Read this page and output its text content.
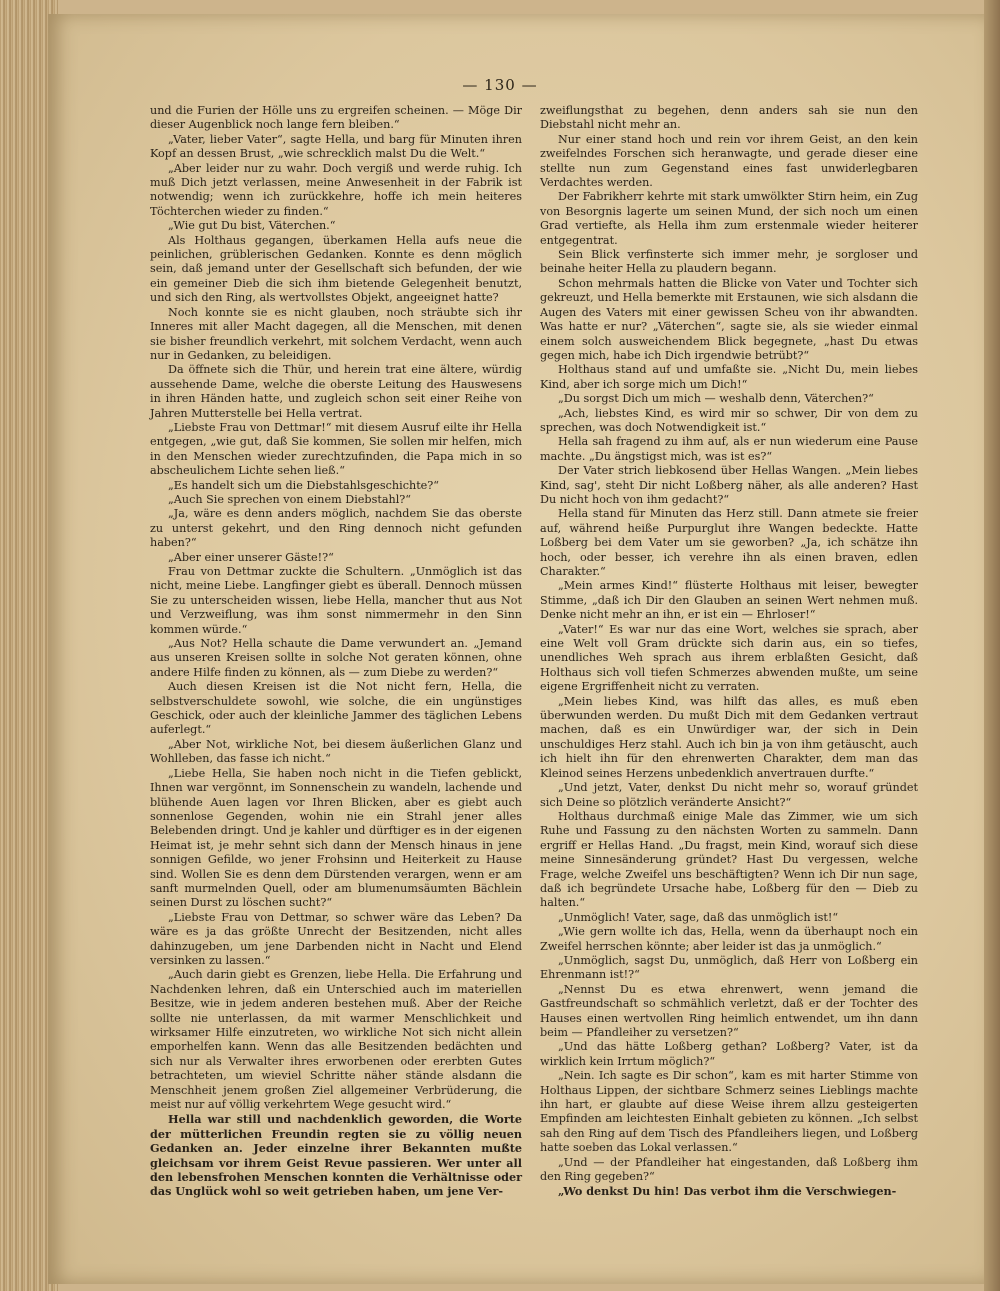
— 130 —

und die Furien der Hölle uns zu ergreifen scheinen. — Möge Dir dieser Augenblick noch lange fern bleiben.“

„Vater, lieber Vater“, sagte Hella, und barg für Minuten ihren Kopf an dessen Brust, „wie schrecklich malst Du die Welt.“

„Aber leider nur zu wahr. Doch vergiß und werde ruhig. Ich muß Dich jetzt verlassen, meine Anwesenheit in der Fabrik ist notwendig; wenn ich zurückkehre, hoffe ich mein heiteres Töchterchen wieder zu finden.“

„Wie gut Du bist, Väterchen.“

Als Holthaus gegangen, überkamen Hella aufs neue die peinlichen, grüblerischen Gedanken. Konnte es denn möglich sein, daß jemand unter der Gesellschaft sich befunden, der wie ein gemeiner Dieb die sich ihm bietende Gelegenheit benutzt, und sich den Ring, als wertvollstes Objekt, angeeignet hatte?

Noch konnte sie es nicht glauben, noch sträubte sich ihr Inneres mit aller Macht dagegen, all die Menschen, mit denen sie bisher freundlich verkehrt, mit solchem Verdacht, wenn auch nur in Gedanken, zu beleidigen.

Da öffnete sich die Thür, und herein trat eine ältere, würdig aussehende Dame, welche die oberste Leitung des Hauswesens in ihren Händen hatte, und zugleich schon seit einer Reihe von Jahren Mutterstelle bei Hella vertrat.

„Liebste Frau von Dettmar!“ mit diesem Ausruf eilte ihr Hella entgegen, „wie gut, daß Sie kommen, Sie sollen mir helfen, mich in den Menschen wieder zurechtzufinden, die Papa mich in so abscheulichem Lichte sehen ließ.“

„Es handelt sich um die Diebstahlsgeschichte?“

„Auch Sie sprechen von einem Diebstahl?“

„Ja, wäre es denn anders möglich, nachdem Sie das oberste zu unterst gekehrt, und den Ring dennoch nicht gefunden haben?“

„Aber einer unserer Gäste!?“

Frau von Dettmar zuckte die Schultern. „Unmöglich ist das nicht, meine Liebe. Langfinger giebt es überall. Dennoch müssen Sie zu unterscheiden wissen, liebe Hella, mancher thut aus Not und Verzweiflung, was ihm sonst nimmermehr in den Sinn kommen würde.“

„Aus Not? Hella schaute die Dame verwundert an. „Jemand aus unseren Kreisen sollte in solche Not geraten können, ohne andere Hilfe finden zu können, als — zum Diebe zu werden?“

Auch diesen Kreisen ist die Not nicht fern, Hella, die selbstverschuldete sowohl, wie solche, die ein ungünstiges Geschick, oder auch der kleinliche Jammer des täglichen Lebens auferlegt.“

„Aber Not, wirkliche Not, bei diesem äußerlichen Glanz und Wohlleben, das fasse ich nicht.“

„Liebe Hella, Sie haben noch nicht in die Tiefen geblickt, Ihnen war vergönnt, im Sonnenschein zu wandeln, lachende und blühende Auen lagen vor Ihren Blicken, aber es giebt auch sonnenlose Gegenden, wohin nie ein Strahl jener alles Belebenden dringt. Und je kahler und dürftiger es in der eigenen Heimat ist, je mehr sehnt sich dann der Mensch hinaus in jene sonnigen Gefilde, wo jener Frohsinn und Heiterkeit zu Hause sind. Wollen Sie es denn dem Dürstenden verargen, wenn er am sanft murmelnden Quell, oder am blumenumsäumten Bächlein seinen Durst zu löschen sucht?“

„Liebste Frau von Dettmar, so schwer wäre das Leben? Da wäre es ja das größte Unrecht der Besitzenden, nicht alles dahinzugeben, um jene Darbenden nicht in Nacht und Elend versinken zu lassen.“

„Auch darin giebt es Grenzen, liebe Hella. Die Erfahrung und Nachdenken lehren, daß ein Unterschied auch im materiellen Besitze, wie in jedem anderen bestehen muß. Aber der Reiche sollte nie unterlassen, da mit warmer Menschlichkeit und wirksamer Hilfe einzutreten, wo wirkliche Not sich nicht allein emporhelfen kann. Wenn das alle Besitzenden bedächten und sich nur als Verwalter ihres erworbenen oder ererbten Gutes betrachteten, um wieviel Schritte näher stände alsdann die Menschheit jenem großen Ziel allgemeiner Verbrüderung, die meist nur auf völlig verkehrtem Wege gesucht wird.“

Hella war still und nachdenklich geworden, die Worte der mütterlichen Freundin regten sie zu völlig neuen Gedanken an. Jeder einzelne ihrer Bekannten mußte gleichsam vor ihrem Geist Revue passieren. Wer unter all den lebensfrohen Menschen konnten die Verhältnisse oder das Unglück wohl so weit getrieben haben, um jene Ver-

zweiflungsthat zu begehen, denn anders sah sie nun den Diebstahl nicht mehr an.

Nur einer stand hoch und rein vor ihrem Geist, an den kein zweifelndes Forschen sich heranwagte, und gerade dieser eine stellte nun zum Gegenstand eines fast unwiderlegbaren Verdachtes werden.

Der Fabrikherr kehrte mit stark umwölkter Stirn heim, ein Zug von Besorgnis lagerte um seinen Mund, der sich noch um einen Grad vertiefte, als Hella ihm zum erstenmale wieder heiterer entgegentrat.

Sein Blick verfinsterte sich immer mehr, je sorgloser und beinahe heiter Hella zu plaudern begann.

Schon mehrmals hatten die Blicke von Vater und Tochter sich gekreuzt, und Hella bemerkte mit Erstaunen, wie sich alsdann die Augen des Vaters mit einer gewissen Scheu von ihr abwandten. Was hatte er nur? „Väterchen“, sagte sie, als sie wieder einmal einem solch ausweichendem Blick begegnete, „hast Du etwas gegen mich, habe ich Dich irgendwie betrübt?“

Holthaus stand auf und umfaßte sie. „Nicht Du, mein liebes Kind, aber ich sorge mich um Dich!“

„Du sorgst Dich um mich — weshalb denn, Väterchen?“

„Ach, liebstes Kind, es wird mir so schwer, Dir von dem zu sprechen, was doch Notwendigkeit ist.“

Hella sah fragend zu ihm auf, als er nun wiederum eine Pause machte. „Du ängstigst mich, was ist es?“

Der Vater strich liebkosend über Hellas Wangen. „Mein liebes Kind, sag', steht Dir nicht Loßberg näher, als alle anderen? Hast Du nicht hoch von ihm gedacht?“

Hella stand für Minuten das Herz still. Dann atmete sie freier auf, während heiße Purpurglut ihre Wangen bedeckte. Hatte Loßberg bei dem Vater um sie geworben? „Ja, ich schätze ihn hoch, oder besser, ich verehre ihn als einen braven, edlen Charakter.“

„Mein armes Kind!“ flüsterte Holthaus mit leiser, bewegter Stimme, „daß ich Dir den Glauben an seinen Wert nehmen muß. Denke nicht mehr an ihn, er ist ein — Ehrloser!“

„Vater!“ Es war nur das eine Wort, welches sie sprach, aber eine Welt voll Gram drückte sich darin aus, ein so tiefes, unendliches Weh sprach aus ihrem erblaßten Gesicht, daß Holthaus sich voll tiefen Schmerzes abwenden mußte, um seine eigene Ergriffenheit nicht zu verraten.

„Mein liebes Kind, was hilft das alles, es muß eben überwunden werden. Du mußt Dich mit dem Gedanken vertraut machen, daß es ein Unwürdiger war, der sich in Dein unschuldiges Herz stahl. Auch ich bin ja von ihm getäuscht, auch ich hielt ihn für den ehrenwerten Charakter, dem man das Kleinod seines Herzens unbedenklich anvertrauen durfte.“

„Und jetzt, Vater, denkst Du nicht mehr so, worauf gründet sich Deine so plötzlich veränderte Ansicht?“

Holthaus durchmaß einige Male das Zimmer, wie um sich Ruhe und Fassung zu den nächsten Worten zu sammeln. Dann ergriff er Hellas Hand. „Du fragst, mein Kind, worauf sich diese meine Sinnesänderung gründet? Hast Du vergessen, welche Frage, welche Zweifel uns beschäftigten? Wenn ich Dir nun sage, daß ich begründete Ursache habe, Loßberg für den — Dieb zu halten.“

„Unmöglich! Vater, sage, daß das unmöglich ist!“

„Wie gern wollte ich das, Hella, wenn da überhaupt noch ein Zweifel herrschen könnte; aber leider ist das ja unmöglich.“

„Unmöglich, sagst Du, unmöglich, daß Herr von Loßberg ein Ehrenmann ist!?“

„Nennst Du es etwa ehrenwert, wenn jemand die Gastfreundschaft so schmählich verletzt, daß er der Tochter des Hauses einen wertvollen Ring heimlich entwendet, um ihn dann beim — Pfandleiher zu versetzen?“

„Und das hätte Loßberg gethan? Loßberg? Vater, ist da wirklich kein Irrtum möglich?“

„Nein. Ich sagte es Dir schon“, kam es mit harter Stimme von Holthaus Lippen, der sichtbare Schmerz seines Lieblings machte ihn hart, er glaubte auf diese Weise ihrem allzu gesteigerten Empfinden am leichtesten Einhalt gebieten zu können. „Ich selbst sah den Ring auf dem Tisch des Pfandleihers liegen, und Loßberg hatte soeben das Lokal verlassen.“

„Und — der Pfandleiher hat eingestanden, daß Loßberg ihm den Ring gegeben?“

„Wo denkst Du hin! Das verbot ihm die Verschwiegen-
